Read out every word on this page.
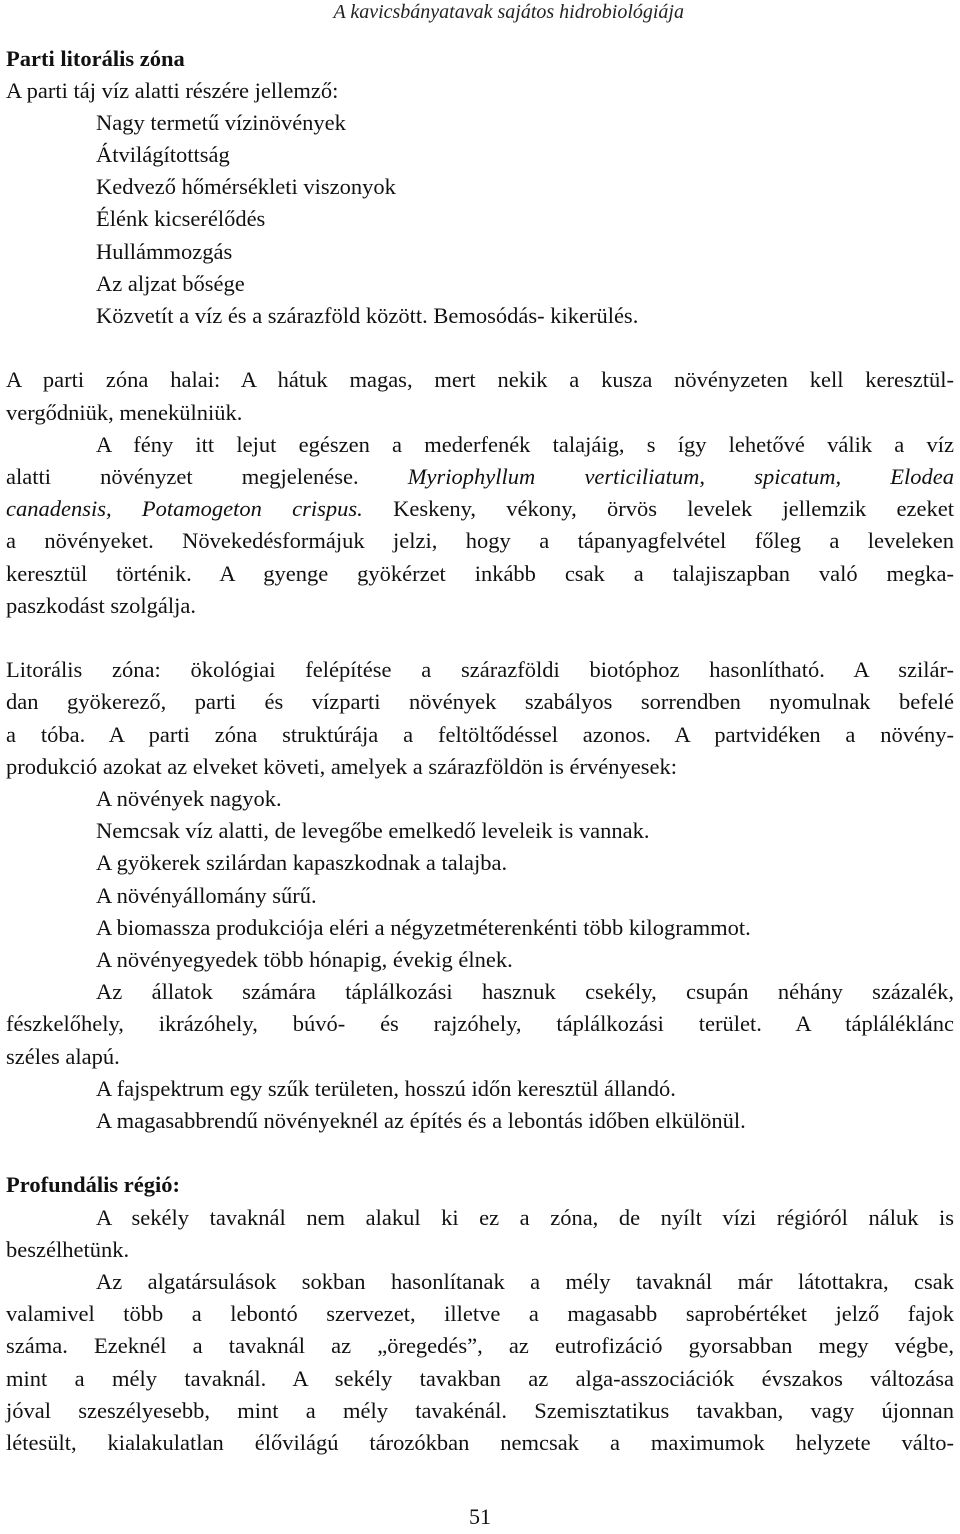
A kavicsbányatavak sajátos hidrobiológiája
Parti litorális zóna
A parti táj víz alatti részére jellemző:
Nagy termetű vízinövények
Átvilágítottság
Kedvező hőmérsékleti viszonyok
Élénk kicserélődés
Hullámmozgás
Az aljzat bősége
Közvetít a víz és a szárazföld között. Bemosódás- kikerülés.
A parti zóna halai: A hátuk magas, mert nekik a kusza növényzeten kell keresztül-
vergődniük, menekülniük.
A fény itt lejut egészen a mederfenék talajáig, s így lehetővé válik a víz
alatti növényzet megjelenése. Myriophyllum verticiliatum, spicatum, Elodea
canadensis, Potamogeton crispus. Keskeny, vékony, örvös levelek jellemzik ezeket
a növényeket. Növekedésformájuk jelzi, hogy a tápanyagfelvétel főleg a leveleken
keresztül történik. A gyenge gyökérzet inkább csak a talajiszapban való megka-
paszkodást szolgálja.
Litorális zóna: ökológiai felépítése a szárazföldi biotóphoz hasonlítható. A szilár-
dan gyökerező, parti és vízparti növények szabályos sorrendben nyomulnak befelé
a tóba. A parti zóna struktúrája a feltöltődéssel azonos. A partvidéken a növény-
produkció azokat az elveket követi, amelyek a szárazföldön is érvényesek:
A növények nagyok.
Nemcsak víz alatti, de levegőbe emelkedő leveleik is vannak.
A gyökerek szilárdan kapaszkodnak a talajba.
A növényállomány sűrű.
A biomassza produkciója eléri a négyzetméterenkénti több kilogrammot.
A növényegyedek több hónapig, évekig élnek.
Az állatok számára táplálkozási hasznuk csekély, csupán néhány százalék,
fészkelőhely, ikrázóhely, búvó- és rajzóhely, táplálkozási terület. A tápláléklánc
széles alapú.
A fajspektrum egy szűk területen, hosszú időn keresztül állandó.
A magasabbrendű növényeknél az építés és a lebontás időben elkülönül.
Profundális régió:
A sekély tavaknál nem alakul ki ez a zóna, de nyílt vízi régióról náluk is
beszélhetünk.
Az algatársulások sokban hasonlítanak a mély tavaknál már látottakra, csak
valamivel több a lebontó szervezet, illetve a magasabb saprobértéket jelző fajok
száma. Ezeknél a tavaknál az „öregedés”, az eutrofizáció gyorsabban megy végbe,
mint a mély tavaknál. A sekély tavakban az alga-asszociációk évszakos változása
jóval szeszélyesebb, mint a mély tavakénál. Szemisztatikus tavakban, vagy újonnan
létesült, kialakulatlan élővilágú tározókban nemcsak a maximumok helyzete válto-
51
